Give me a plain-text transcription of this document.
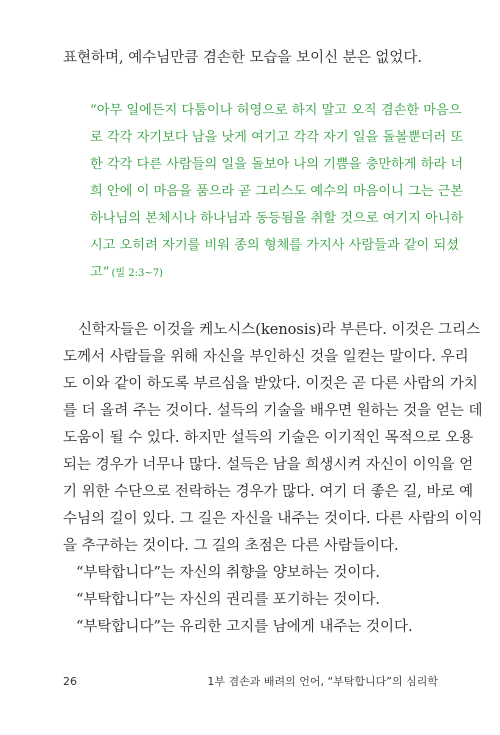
표현하며, 예수님만큼 겸손한 모습을 보이신 분은 없었다.
“아무 일에든지 다툼이나 허영으로 하지 말고 오직 겸손한 마음으
로 각각 자기보다 남을 낫게 여기고 각각 자기 일을 돌볼뿐더러 또
한 각각 다른 사람들의 일을 돌보아 나의 기쁨을 충만하게 하라 너
희 안에 이 마음을 품으라 곧 그리스도 예수의 마음이니 그는 근본
하나님의 본체시나 하나님과 동등됨을 취할 것으로 여기지 아니하
시고 오히려 자기를 비워 종의 형체를 가지사 사람들과 같이 되셨
고” (빌 2:3~7)
신학자들은 이것을 케노시스(kenosis)라 부른다. 이것은 그리스
도께서 사람들을 위해 자신을 부인하신 것을 일컫는 말이다. 우리
도 이와 같이 하도록 부르심을 받았다. 이것은 곧 다른 사람의 가치
를 더 올려 주는 것이다. 설득의 기술을 배우면 원하는 것을 얻는 데
도움이 될 수 있다. 하지만 설득의 기술은 이기적인 목적으로 오용
되는 경우가 너무나 많다. 설득은 남을 희생시켜 자신이 이익을 얻
기 위한 수단으로 전락하는 경우가 많다. 여기 더 좋은 길, 바로 예
수님의 길이 있다. 그 길은 자신을 내주는 것이다. 다른 사람의 이익
을 추구하는 것이다. 그 길의 초점은 다른 사람들이다.
“부탁합니다”는 자신의 취향을 양보하는 것이다.
“부탁합니다”는 자신의 권리를 포기하는 것이다.
“부탁합니다”는 유리한 고지를 남에게 내주는 것이다.
26	1부 겸손과 배려의 언어, “부탁합니다”의 심리학
